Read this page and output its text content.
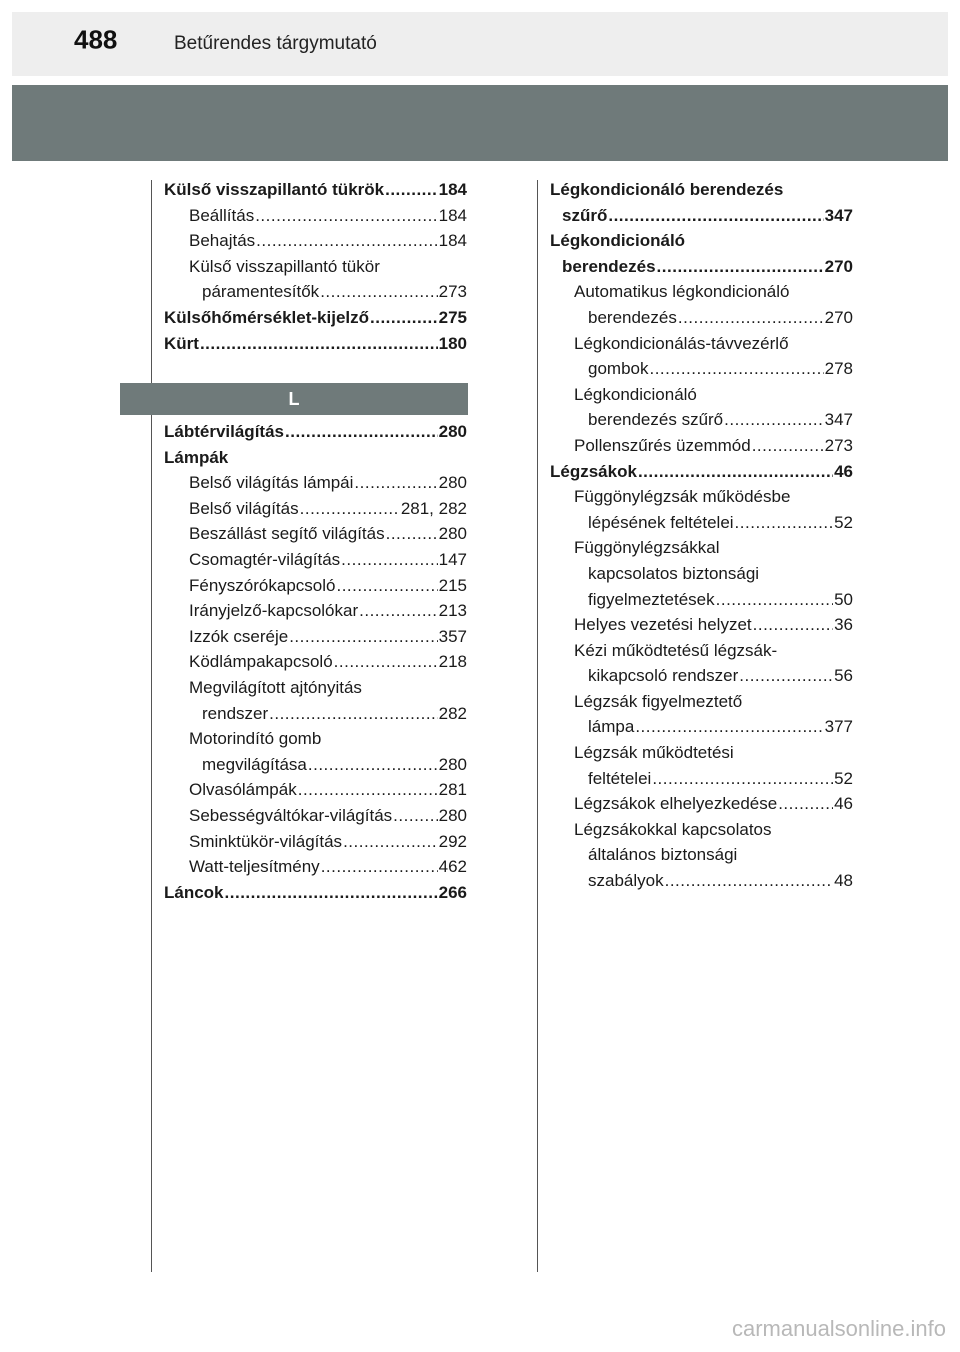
488	Betűrendes tárgymutató
Külső visszapillantó tükrök .....	184
Beállítás .....	184
Behajtás .....	184
Külső visszapillantó tükör
páramentesítők .....	273
Külsőhőmérséklet-kijelző .....	275
Kürt .....	180
L
Lábtérvilágítás .....	280
Lámpák
Belső világítás lámpái .....	280
Belső világítás .....	281, 282
Beszállást segítő világítás .....	280
Csomagtér-világítás .....	147
Fényszórókapcsoló .....	215
Irányjelző-kapcsolókar .....	213
Izzók cseréje .....	357
Ködlámpakapcsoló .....	218
Megvilágított ajtónyitás
rendszer .....	282
Motorindító gomb
megvilágítása .....	280
Olvasólámpák .....	281
Sebességváltókar-világítás .....	280
Sminktükör-világítás .....	292
Watt-teljesítmény .....	462
Láncok .....	266
Légkondicionáló berendezés
szűrő .....	347
Légkondicionáló
berendezés .....	270
Automatikus légkondicionáló
berendezés .....	270
Légkondicionálás-távvezérlő
gombok .....	278
Légkondicionáló
berendezés szűrő .....	347
Pollenszűrés üzemmód .....	273
Légzsákok .....	46
Függönylégzsák működésbe
lépésének feltételei .....	52
Függönylégzsákkal
kapcsolatos biztonsági
figyelmeztetések .....	50
Helyes vezetési helyzet .....	36
Kézi működtetésű légzsák-
kikapcsoló rendszer .....	56
Légzsák figyelmeztető
lámpa .....	377
Légzsák működtetési
feltételei .....	52
Légzsákok elhelyezkedése .....	46
Légzsákokkal kapcsolatos
általános biztonsági
szabályok .....	48
carmanualsonline.info
